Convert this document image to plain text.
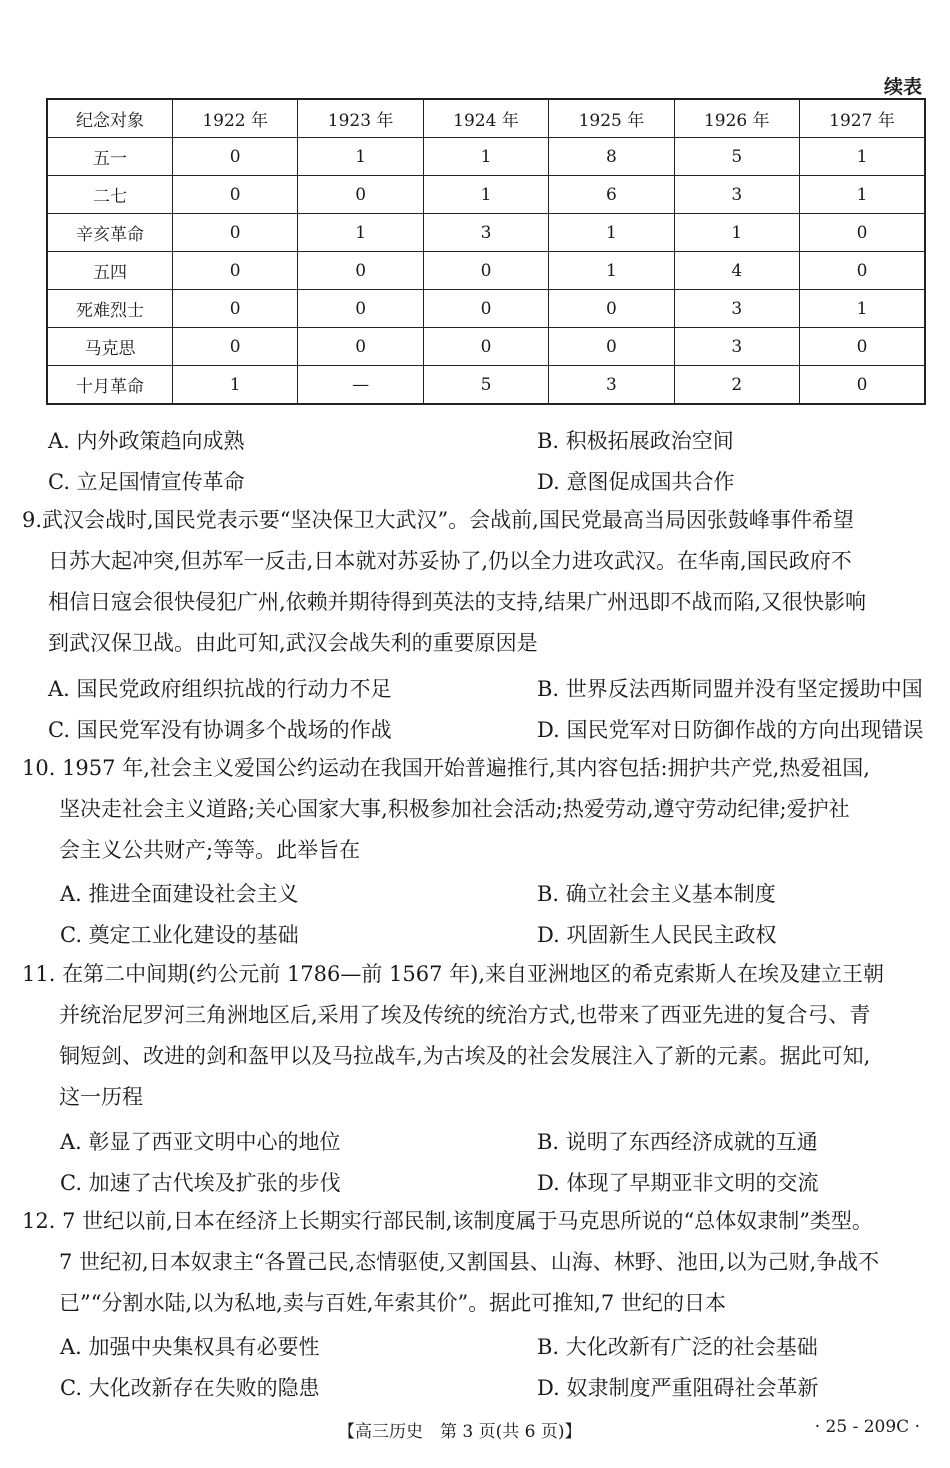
续表
纪念对象	1922 年	1923 年	1924 年	1925 年	1926 年	1927 年
五一	0	1	1	8	5	1
二七	0	0	1	6	3	1
辛亥革命	0	1	3	1	1	0
五四	0	0	0	1	4	0
死难烈士	0	0	0	0	3	1
马克思	0	0	0	0	3	0
十月革命	1	—	5	3	2	0
A. 内外政策趋向成熟	B. 积极拓展政治空间
C. 立足国情宣传革命	D. 意图促成国共合作
9.武汉会战时,国民党表示要“坚决保卫大武汉”。会战前,国民党最高当局因张鼓峰事件希望
日苏大起冲突,但苏军一反击,日本就对苏妥协了,仍以全力进攻武汉。在华南,国民政府不
相信日寇会很快侵犯广州,依赖并期待得到英法的支持,结果广州迅即不战而陷,又很快影响
到武汉保卫战。由此可知,武汉会战失利的重要原因是
A. 国民党政府组织抗战的行动力不足	B. 世界反法西斯同盟并没有坚定援助中国
C. 国民党军没有协调多个战场的作战	D. 国民党军对日防御作战的方向出现错误
10. 1957 年,社会主义爱国公约运动在我国开始普遍推行,其内容包括:拥护共产党,热爱祖国,
坚决走社会主义道路;关心国家大事,积极参加社会活动;热爱劳动,遵守劳动纪律;爱护社
会主义公共财产;等等。此举旨在
A. 推进全面建设社会主义	B. 确立社会主义基本制度
C. 奠定工业化建设的基础	D. 巩固新生人民民主政权
11. 在第二中间期(约公元前 1786—前 1567 年),来自亚洲地区的希克索斯人在埃及建立王朝
并统治尼罗河三角洲地区后,采用了埃及传统的统治方式,也带来了西亚先进的复合弓、青
铜短剑、改进的剑和盔甲以及马拉战车,为古埃及的社会发展注入了新的元素。据此可知,
这一历程
A. 彰显了西亚文明中心的地位	B. 说明了东西经济成就的互通
C. 加速了古代埃及扩张的步伐	D. 体现了早期亚非文明的交流
12. 7 世纪以前,日本在经济上长期实行部民制,该制度属于马克思所说的“总体奴隶制”类型。
7 世纪初,日本奴隶主“各置己民,态情驱使,又割国县、山海、林野、池田,以为己财,争战不
已”“分割水陆,以为私地,卖与百姓,年索其价”。据此可推知,7 世纪的日本
A. 加强中央集权具有必要性	B. 大化改新有广泛的社会基础
C. 大化改新存在失败的隐患	D. 奴隶制度严重阻碍社会革新
【高三历史　第 3 页(共 6 页)】	· 25 - 209C ·
